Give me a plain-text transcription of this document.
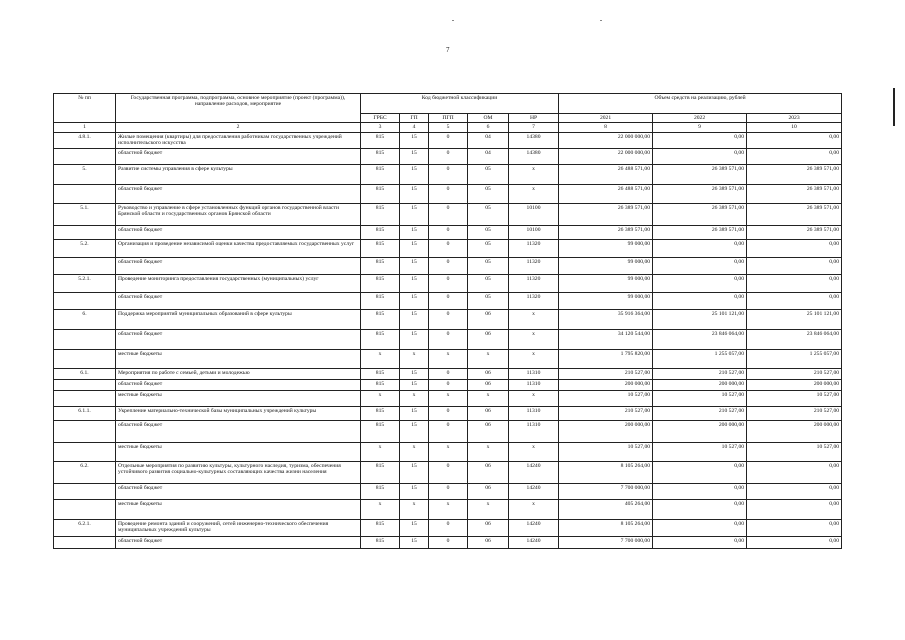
7
№ пп	Государственная программа, подпрограмма, основное мероприятие (проект (программа)), направление расходов, мероприятие	Код бюджетной классификации					Объем средств на реализацию, рублей		
		ГРБС	ГП	ПГП	ОМ	НР	2021	2022	2023
1	2	3	4	5	6	7	8	9	10
4.8.1.	Жилые помещения (квартиры) для предоставления работникам государственных учреждений исполнительского искусства	815	15	0	04	14380	22 000 000,00	0,00	0,00
	областной бюджет	815	15	0	04	14380	22 000 000,00	0,00	0,00
5.	Развитие системы управления в сфере культуры	815	15	0	05	х	26 488 571,00	26 389 571,00	26 389 571,00
	областной бюджет	815	15	0	05	х	26 488 571,00	26 389 571,00	26 389 571,00
5.1.	Руководство и управление в сфере установленных функций органов государственной власти Брянской области и государственных органов Брянской области	815	15	0	05	10100	26 389 571,00	26 389 571,00	26 389 571,00
	областной бюджет	815	15	0	05	10100	26 389 571,00	26 389 571,00	26 389 571,00
5.2.	Организация и проведение независимой оценки качества предоставляемых государственных услуг	815	15	0	05	11320	99 000,00	0,00	0,00
	областной бюджет	815	15	0	05	11320	99 000,00	0,00	0,00
5.2.1.	Проведение мониторинга предоставления государственных (муниципальных) услуг	815	15	0	05	11320	99 000,00	0,00	0,00
	областной бюджет	815	15	0	05	11320	99 000,00	0,00	0,00
6.	Поддержка мероприятий муниципальных образований в сфере культуры	815	15	0	06	х	35 916 364,00	25 101 121,00	25 101 121,00
	областной бюджет	815	15	0	06	х	34 120 544,00	23 846 064,00	23 846 064,00
	местные бюджеты	х	х	х	х	х	1 795 820,00	1 255 057,00	1 255 057,00
6.1.	Мероприятия по работе с семьей, детьми и молодежью	815	15	0	06	11310	210 527,00	210 527,00	210 527,00
	областной бюджет	815	15	0	06	11310	200 000,00	200 000,00	200 000,00
	местные бюджеты	х	х	х	х	х	10 527,00	10 527,00	10 527,00
6.1.1.	Укрепление материально-технической базы муниципальных учреждений культуры	815	15	0	06	11310	210 527,00	210 527,00	210 527,00
	областной бюджет	815	15	0	06	11310	200 000,00	200 000,00	200 000,00
	местные бюджеты	х	х	х	х	х	10 527,00	10 527,00	10 527,00
6.2.	Отдельные мероприятия по развитию культуры, культурного наследия, туризма, обеспечения устойчивого развития социально-культурных составляющих качества жизни населения	815	15	0	06	14240	8 105 264,00	0,00	0,00
	областной бюджет	815	15	0	06	14240	7 700 000,00	0,00	0,00
	местные бюджеты	х	х	х	х	х	405 264,00	0,00	0,00
6.2.1.	Проведение ремонта зданий и сооружений, сетей инженерно-технического обеспечения муниципальных учреждений культуры	815	15	0	06	14240	8 105 264,00	0,00	0,00
	областной бюджет	815	15	0	06	14240	7 700 000,00	0,00	0,00
